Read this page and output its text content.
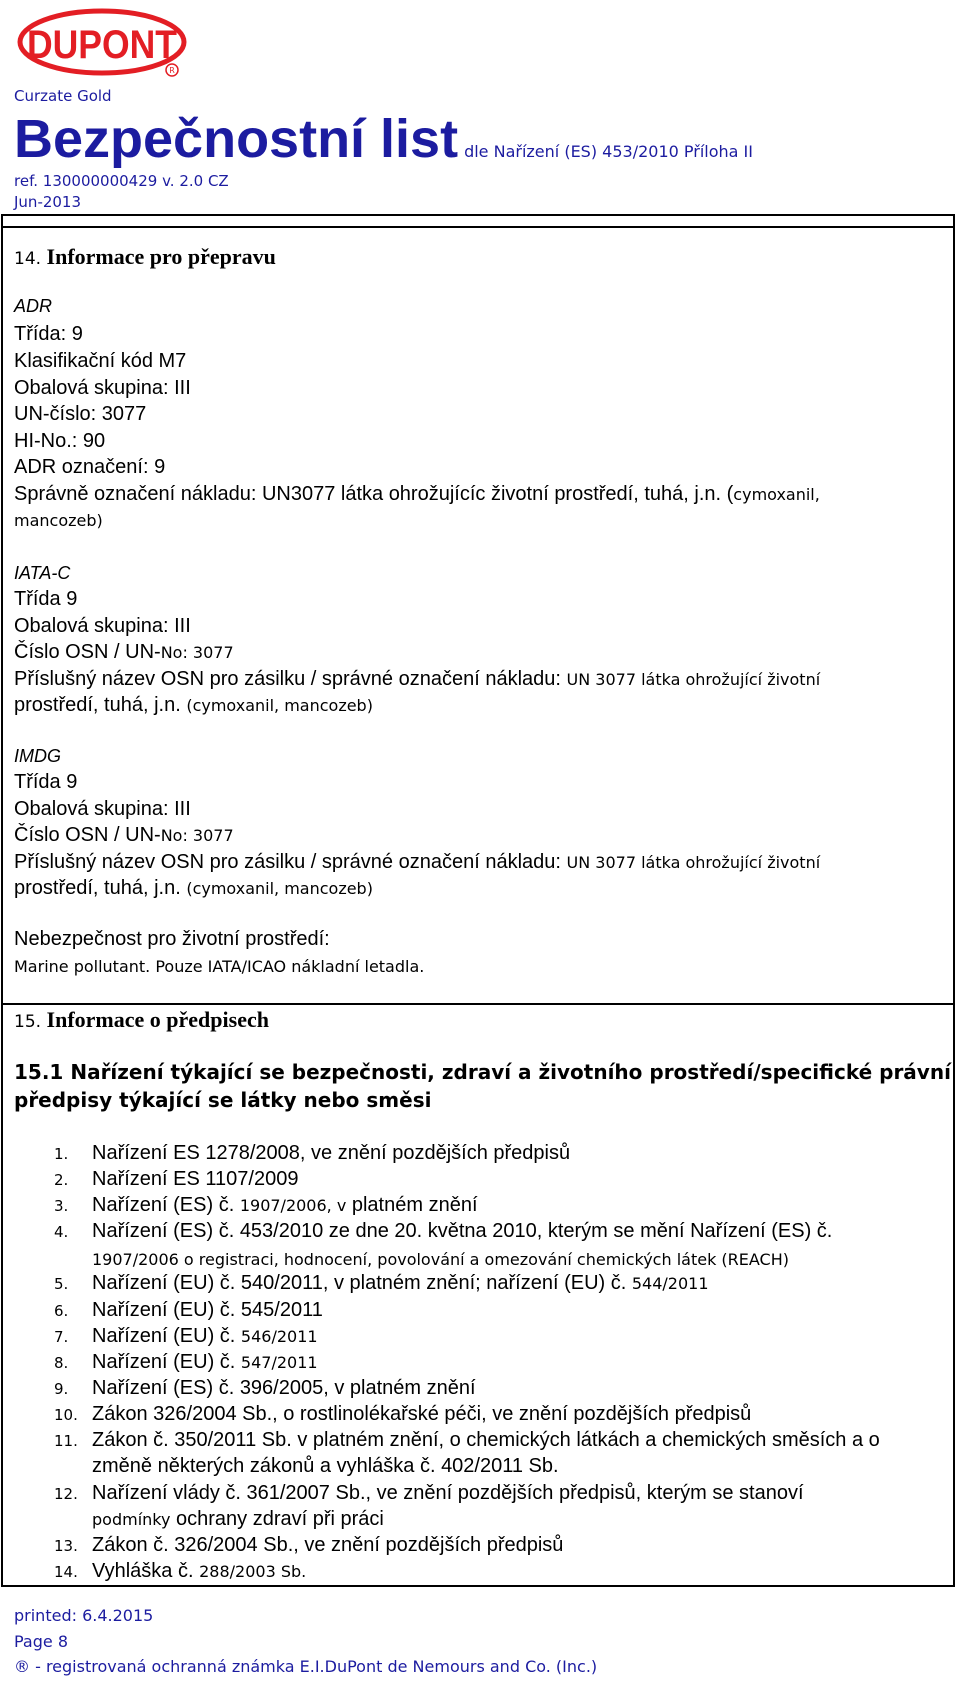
DUPONT
R
Curzate Gold
Bezpečnostní list dle Nařízení (ES) 453/2010 Příloha II
ref. 130000000429 v. 2.0 CZ
Jun-2013
14. Informace pro přepravu
ADR
Třída: 9
Klasifikační kód M7
Obalová skupina: III
UN-číslo: 3077
HI-No.: 90
ADR označení: 9
Správně označení nákladu: UN3077 látka ohrožujícíc životní prostředí, tuhá, j.n. (cymoxanil,
mancozeb)
IATA-C
Třída 9
Obalová skupina: III
Číslo OSN / UN-No: 3077
Příslušný název OSN pro zásilku / správné označení nákladu: UN 3077 látka ohrožující životní
prostředí, tuhá, j.n. (cymoxanil, mancozeb)
IMDG
Třída 9
Obalová skupina: III
Číslo OSN / UN-No: 3077
Příslušný název OSN pro zásilku / správné označení nákladu: UN 3077 látka ohrožující životní
prostředí, tuhá, j.n. (cymoxanil, mancozeb)
Nebezpečnost pro životní prostředí:
Marine pollutant. Pouze IATA/ICAO nákladní letadla.
15. Informace o předpisech
15.1 Nařízení týkající se bezpečnosti, zdraví a životního prostředí/specifické právní
předpisy týkající se látky nebo směsi
1. Nařízení ES 1278/2008, ve znění pozdějších předpisů
2. Nařízení ES 1107/2009
3. Nařízení (ES) č. 1907/2006, v platném znění
4. Nařízení (ES) č. 453/2010 ze dne 20. května 2010, kterým se mění Nařízení (ES) č.
1907/2006 o registraci, hodnocení, povolování a omezování chemických látek (REACH)
5. Nařízení (EU) č. 540/2011, v platném znění; nařízení (EU) č. 544/2011
6. Nařízení (EU) č. 545/2011
7. Nařízení (EU) č. 546/2011
8. Nařízení (EU) č. 547/2011
9. Nařízení (ES) č. 396/2005, v platném znění
10. Zákon 326/2004 Sb., o rostlinolékařské péči, ve znění pozdějších předpisů
11. Zákon č. 350/2011 Sb. v platném znění, o chemických látkách a chemických směsích a o
změně některých zákonů a vyhláška č. 402/2011 Sb.
12. Nařízení vlády č. 361/2007 Sb., ve znění pozdějších předpisů, kterým se stanoví
podmínky ochrany zdraví při práci
13. Zákon č. 326/2004 Sb., ve znění pozdějších předpisů
14. Vyhláška č. 288/2003 Sb.
printed: 6.4.2015
Page 8
® - registrovaná ochranná známka E.I.DuPont de Nemours and Co. (Inc.)
